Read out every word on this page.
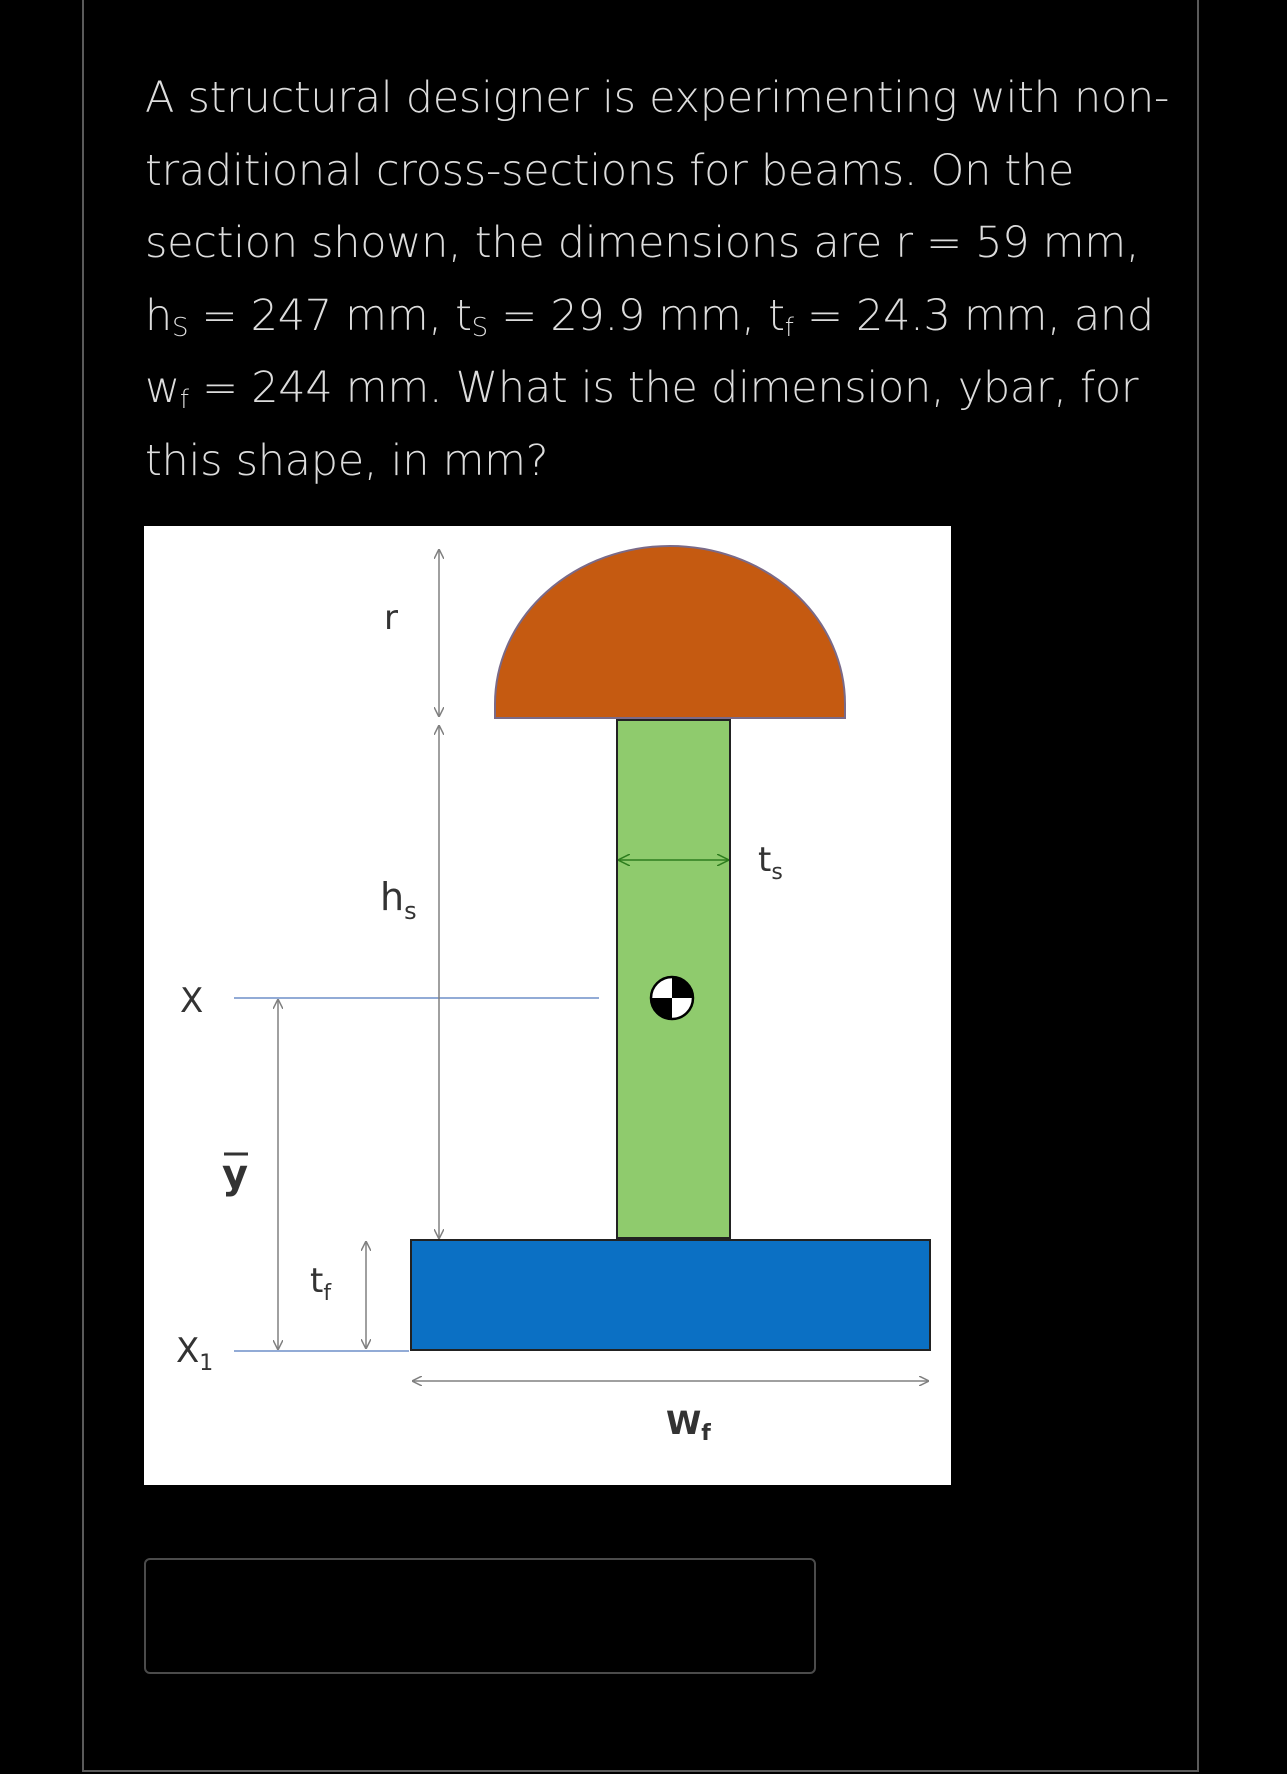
A structural designer is experimenting with non-
traditional cross-sections for beams. On the
section shown, the dimensions are r = 59 mm,
$h_S = 247$ mm, $t_S = 29.9$ mm, $t_f = 24.3$ mm, and
$w_f = 244$ mm. What is the dimension, ybar, for
this shape, in mm?
r
$h_s$
$t_s$
X
y
$t_f$
$X_1$
Wf
